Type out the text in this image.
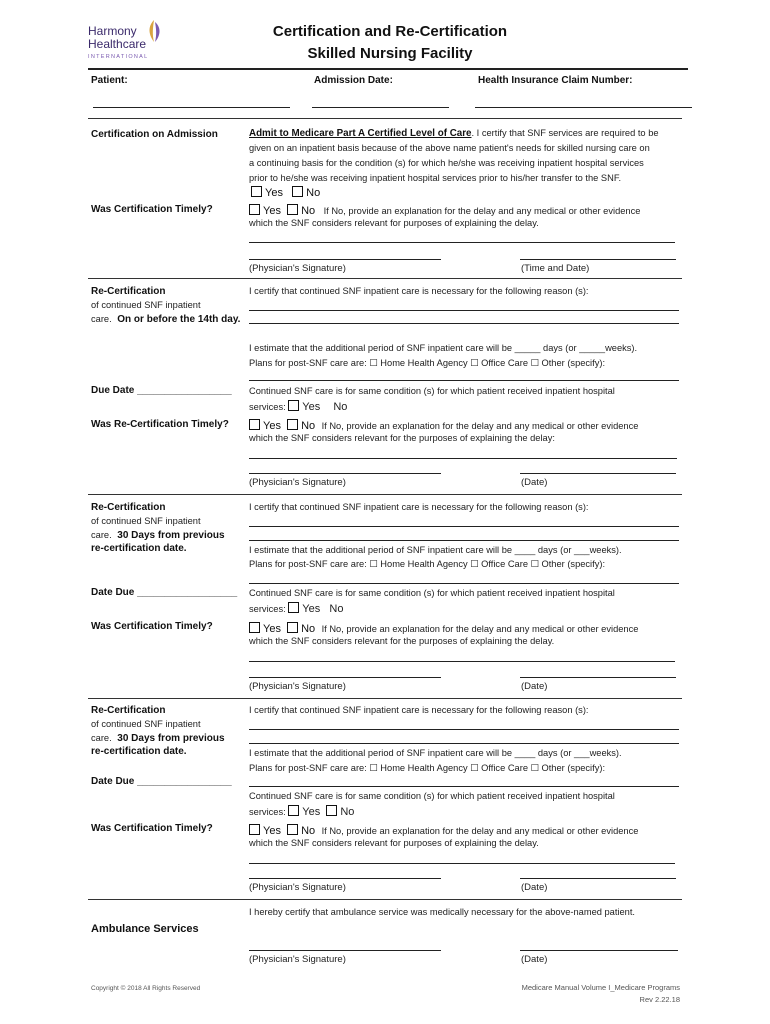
Harmony
Healthcare
INTERNATIONAL
Certification and Re-Certification
Skilled Nursing Facility
Patient:	Admission Date:	Health Insurance Claim Number:
Certification on Admission	Admit to Medicare Part A Certified Level of Care. I certify that SNF services are required to be
given on an inpatient basis because of the above name patient's needs for skilled nursing care on
a continuing basis for the condition (s) for which he/she was receiving inpatient hospital services
prior to he/she was receiving inpatient hospital services prior to his/her transfer to the SNF.
Yes No
Was Certification Timely?	Yes No If No, provide an explanation for the delay and any medical or other evidence
which the SNF considers relevant for purposes of explaining the delay.
(Physician's Signature)	(Time and Date)
Re-Certification
of continued SNF inpatient
care. On or before the 14th day.
I certify that continued SNF inpatient care is necessary for the following reason (s):
I estimate that the additional period of SNF inpatient care will be _____ days (or _____weeks).
Plans for post-SNF care are: ☐ Home Health Agency ☐ Office Care ☐ Other (specify):
Due Date _________________ Continued SNF care is for same condition (s) for which patient received inpatient hospital
services: Yes No
Was Re-Certification Timely?	Yes No If No, provide an explanation for the delay and any medical or other evidence
which the SNF considers relevant for the purposes of explaining the delay:
(Physician's Signature)	(Date)
Re-Certification
of continued SNF inpatient
care. 30 Days from previous
re-certification date.
I certify that continued SNF inpatient care is necessary for the following reason (s):
I estimate that the additional period of SNF inpatient care will be ____ days (or ___weeks).
Plans for post-SNF care are: ☐ Home Health Agency ☐ Office Care ☐ Other (specify):
Date Due __________________ Continued SNF care is for same condition (s) for which patient received inpatient hospital
services: Yes No
Was Certification Timely?	Yes No If No, provide an explanation for the delay and any medical or other evidence
which the SNF considers relevant for the purposes of explaining the delay.
(Physician's Signature)	(Date)
Re-Certification
of continued SNF inpatient
care. 30 Days from previous
re-certification date.
I certify that continued SNF inpatient care is necessary for the following reason (s):
I estimate that the additional period of SNF inpatient care will be ____ days (or ___weeks).
Plans for post-SNF care are: ☐ Home Health Agency ☐ Office Care ☐ Other (specify):
Date Due _________________
Continued SNF care is for same condition (s) for which patient received inpatient hospital
services: Yes No
Was Certification Timely?	Yes No If No, provide an explanation for the delay and any medical or other evidence
which the SNF considers relevant for purposes of explaining the delay.
(Physician's Signature)	(Date)
I hereby certify that ambulance service was medically necessary for the above-named patient.
Ambulance Services
(Physician's Signature)	(Date)
Copyright © 2018 All Rights Reserved	Medicare Manual Volume I_Medicare Programs
Rev 2.22.18
